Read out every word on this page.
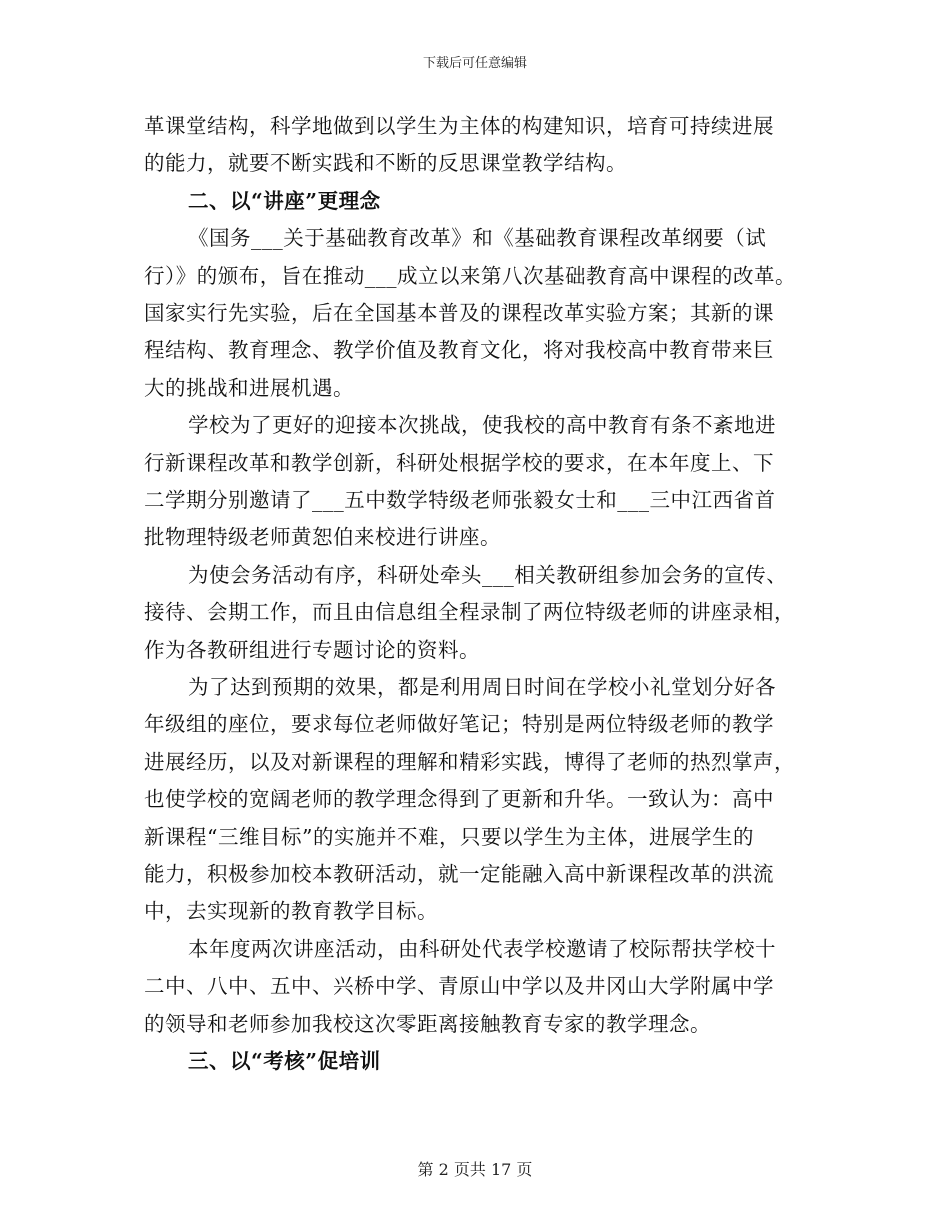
下载后可任意编辑
革课堂结构，科学地做到以学生为主体的构建知识，培育可持续进展
的能力，就要不断实践和不断的反思课堂教学结构。
二、以“讲座”更理念
《国务___关于基础教育改革》和《基础教育课程改革纲要（试
行）》的颁布，旨在推动___成立以来第八次基础教育高中课程的改革。
国家实行先实验，后在全国基本普及的课程改革实验方案；其新的课
程结构、教育理念、教学价值及教育文化，将对我校高中教育带来巨
大的挑战和进展机遇。
学校为了更好的迎接本次挑战，使我校的高中教育有条不紊地进
行新课程改革和教学创新，科研处根据学校的要求，在本年度上、下
二学期分别邀请了___五中数学特级老师张毅女士和___三中江西省首
批物理特级老师黄恕伯来校进行讲座。
为使会务活动有序，科研处牵头___相关教研组参加会务的宣传、
接待、会期工作，而且由信息组全程录制了两位特级老师的讲座录相，
作为各教研组进行专题讨论的资料。
为了达到预期的效果，都是利用周日时间在学校小礼堂划分好各
年级组的座位，要求每位老师做好笔记；特别是两位特级老师的教学
进展经历，以及对新课程的理解和精彩实践，博得了老师的热烈掌声，
也使学校的宽阔老师的教学理念得到了更新和升华。一致认为：高中
新课程“三维目标”的实施并不难，只要以学生为主体，进展学生的
能力，积极参加校本教研活动，就一定能融入高中新课程改革的洪流
中，去实现新的教育教学目标。
本年度两次讲座活动，由科研处代表学校邀请了校际帮扶学校十
二中、八中、五中、兴桥中学、青原山中学以及井冈山大学附属中学
的领导和老师参加我校这次零距离接触教育专家的教学理念。
三、以“考核”促培训
第 2 页共 17 页
